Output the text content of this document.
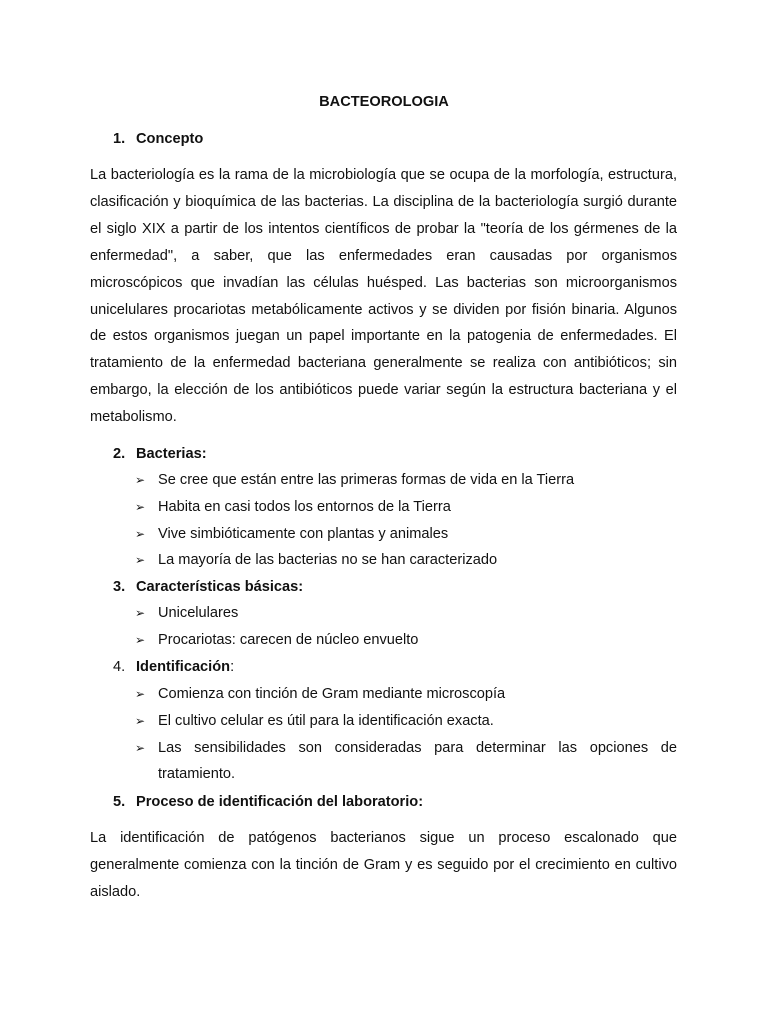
BACTEOROLOGIA
1. Concepto

La bacteriología es la rama de la microbiología que se ocupa de la morfología, estructura, clasificación y bioquímica de las bacterias. La disciplina de la bacteriología surgió durante el siglo XIX a partir de los intentos científicos de probar la "teoría de los gérmenes de la enfermedad", a saber, que las enfermedades eran causadas por organismos microscópicos que invadían las células huésped. Las bacterias son microorganismos unicelulares procariotas metabólicamente activos y se dividen por fisión binaria. Algunos de estos organismos juegan un papel importante en la patogenia de enfermedades. El tratamiento de la enfermedad bacteriana generalmente se realiza con antibióticos; sin embargo, la elección de los antibióticos puede variar según la estructura bacteriana y el metabolismo.

2. Bacterias:
➢ Se cree que están entre las primeras formas de vida en la Tierra
➢ Habita en casi todos los entornos de la Tierra
➢ Vive simbióticamente con plantas y animales
➢ La mayoría de las bacterias no se han caracterizado
3. Características básicas:
➢ Unicelulares
➢ Procariotas: carecen de núcleo envuelto
4. Identificación:
➢ Comienza con tinción de Gram mediante microscopía
➢ El cultivo celular es útil para la identificación exacta.
➢ Las sensibilidades son consideradas para determinar las opciones de tratamiento.
5. Proceso de identificación del laboratorio:

La identificación de patógenos bacterianos sigue un proceso escalonado que generalmente comienza con la tinción de Gram y es seguido por el crecimiento en cultivo aislado.
